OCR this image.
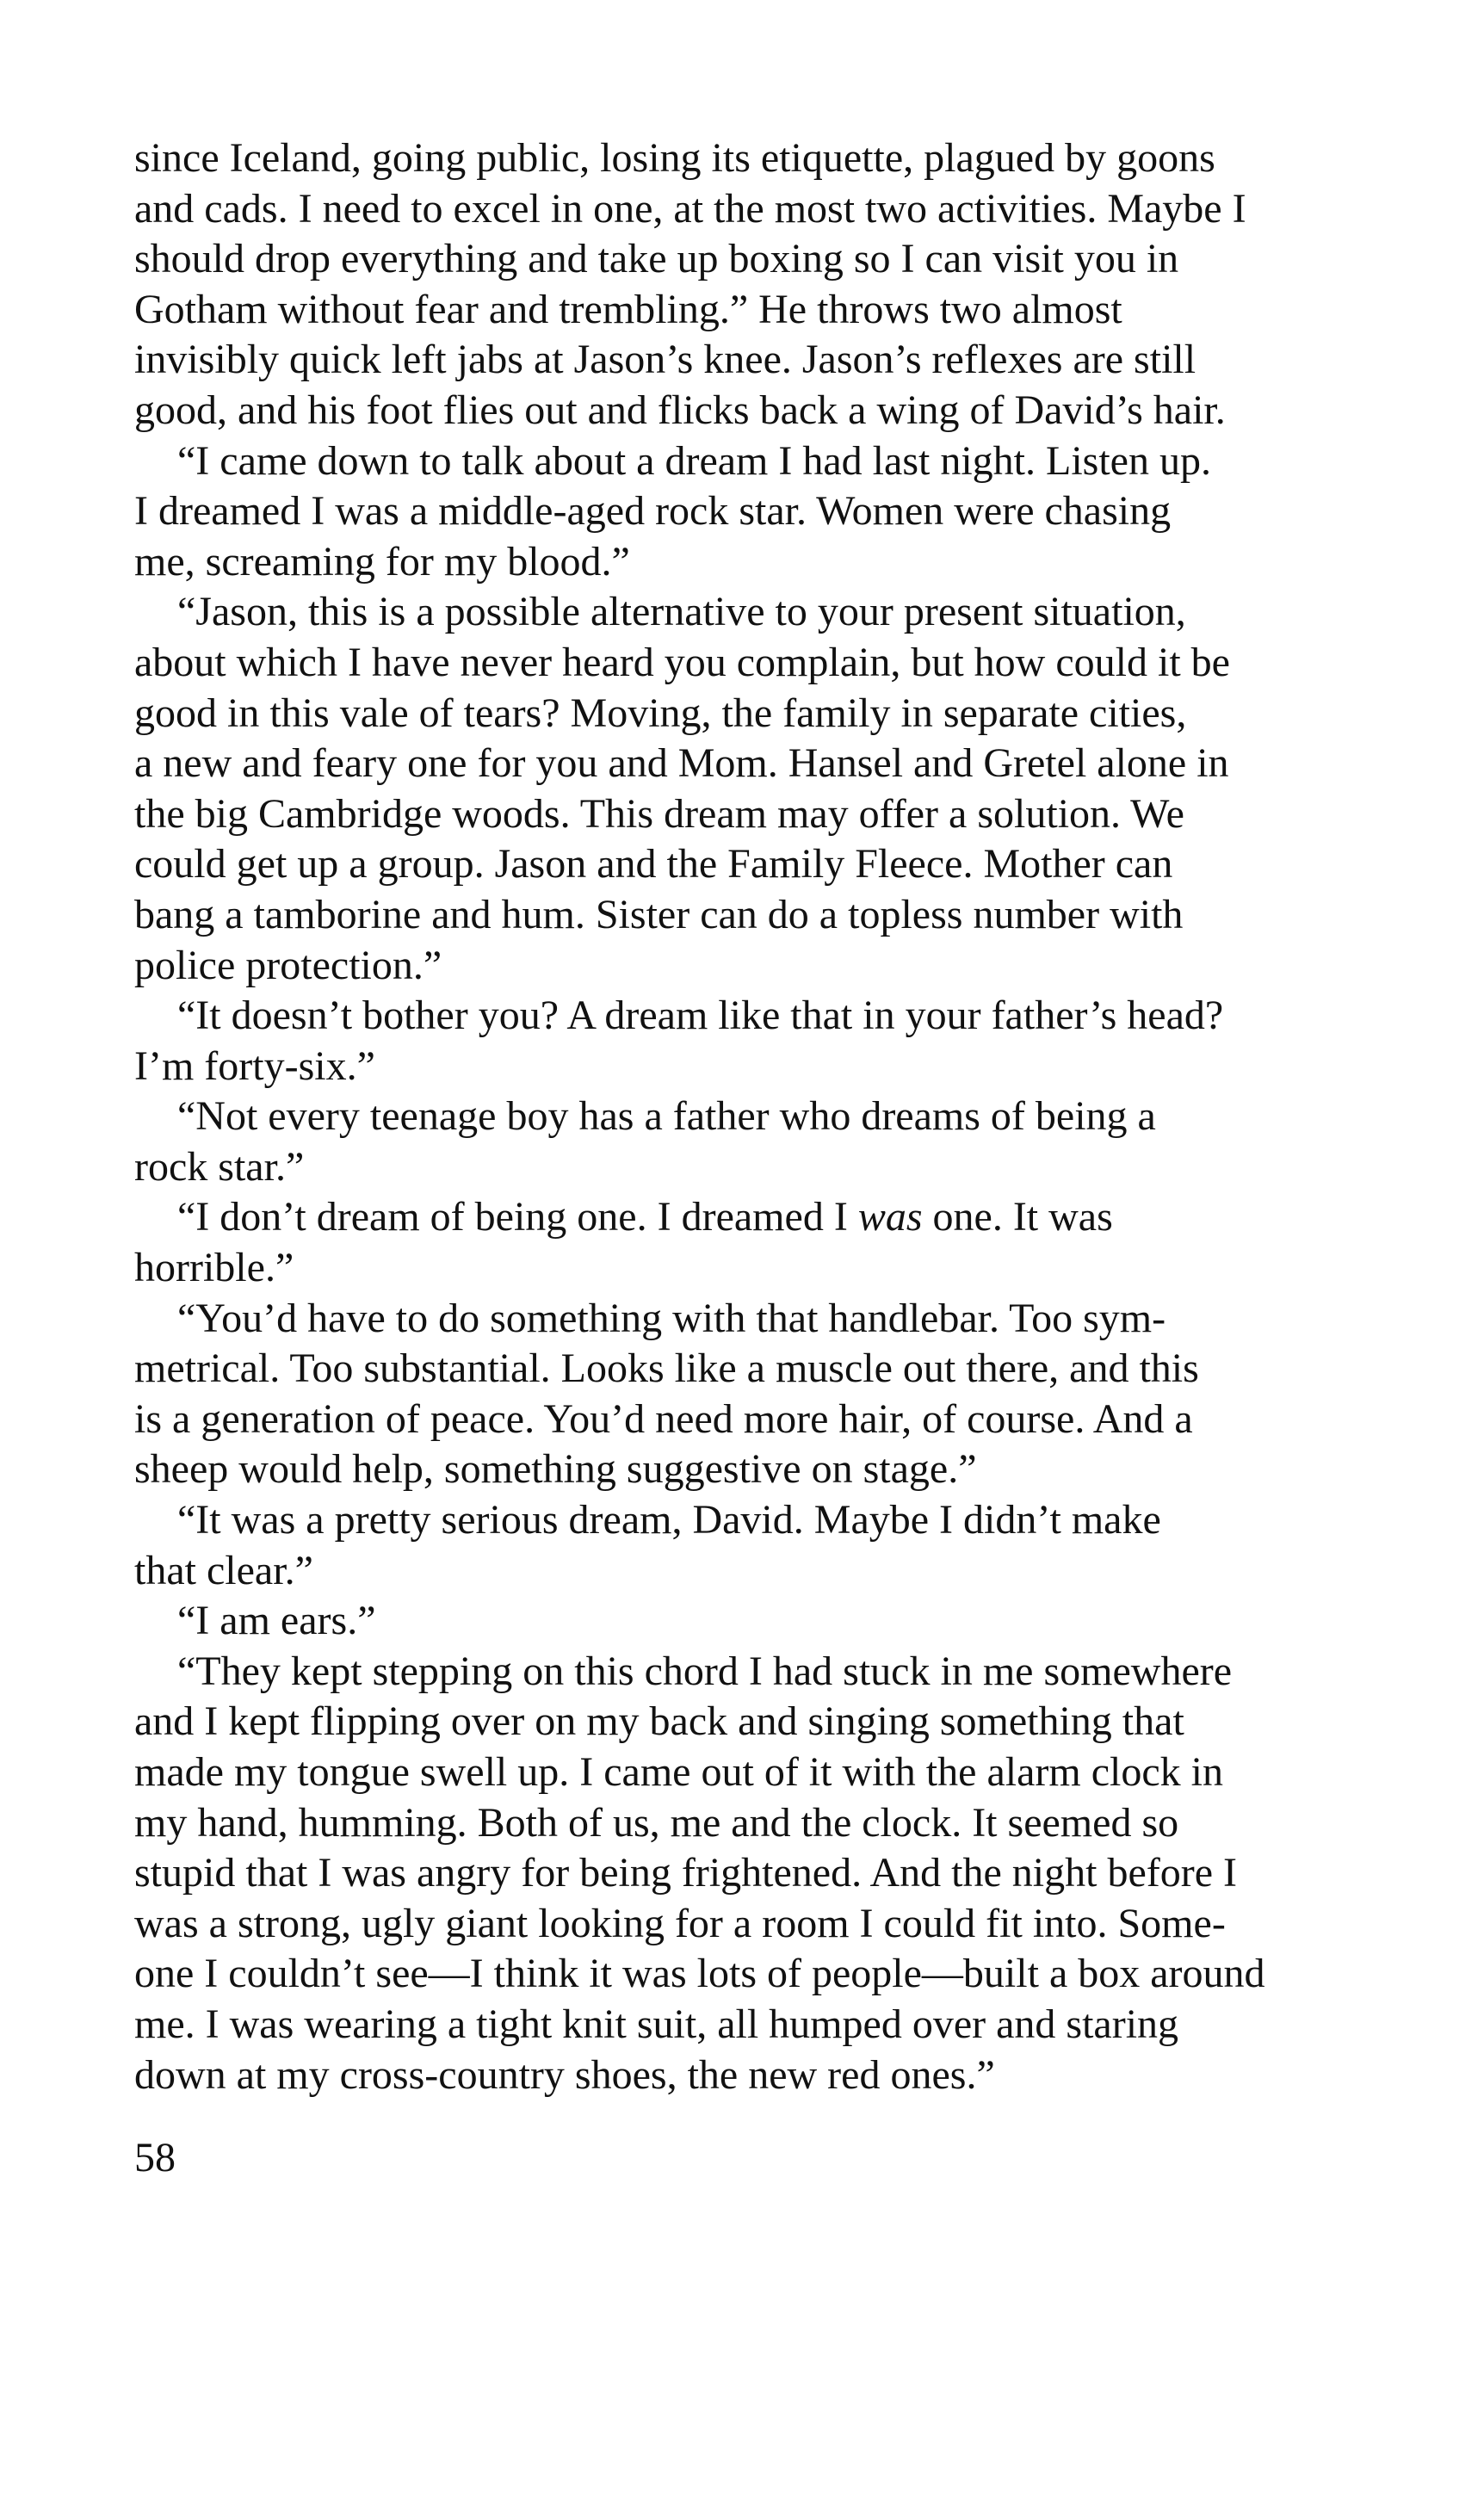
since Iceland, going public, losing its etiquette, plagued by goons
and cads. I need to excel in one, at the most two activities. Maybe I
should drop everything and take up boxing so I can visit you in
Gotham without fear and trembling.” He throws two almost
invisibly quick left jabs at Jason’s knee. Jason’s reflexes are still
good, and his foot flies out and flicks back a wing of David’s hair.

“I came down to talk about a dream I had last night. Listen up.
I dreamed I was a middle-aged rock star. Women were chasing
me, screaming for my blood.”

“Jason, this is a possible alternative to your present situation,
about which I have never heard you complain, but how could it be
good in this vale of tears? Moving, the family in separate cities,
a new and feary one for you and Mom. Hansel and Gretel alone in
the big Cambridge woods. This dream may offer a solution. We
could get up a group. Jason and the Family Fleece. Mother can
bang a tamborine and hum. Sister can do a topless number with
police protection.”

“It doesn’t bother you? A dream like that in your father’s head?
I’m forty-six.”

“Not every teenage boy has a father who dreams of being a
rock star.”

“I don’t dream of being one. I dreamed I was one. It was
horrible.”

“You’d have to do something with that handlebar. Too sym-
metrical. Too substantial. Looks like a muscle out there, and this
is a generation of peace. You’d need more hair, of course. And a
sheep would help, something suggestive on stage.”

“It was a pretty serious dream, David. Maybe I didn’t make
that clear.”

“I am ears.”

“They kept stepping on this chord I had stuck in me somewhere
and I kept flipping over on my back and singing something that
made my tongue swell up. I came out of it with the alarm clock in
my hand, humming. Both of us, me and the clock. It seemed so
stupid that I was angry for being frightened. And the night before I
was a strong, ugly giant looking for a room I could fit into. Some-
one I couldn’t see—I think it was lots of people—built a box around
me. I was wearing a tight knit suit, all humped over and staring
down at my cross-country shoes, the new red ones.”

58
